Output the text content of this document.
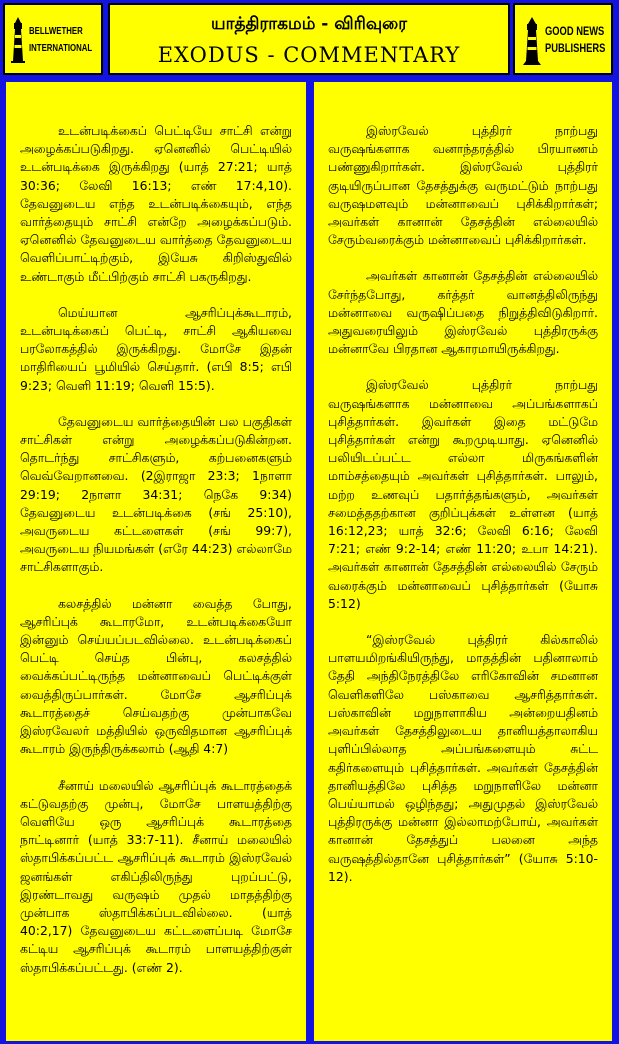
BELLWETHER
INTERNATIONAL
யாத்திராகமம் - விரிவுரை
EXODUS - COMMENTARY
GOOD NEWS
PUBLISHERS

உடன்படிக்கைப் பெட்டியே சாட்சி என்று அழைக்கப்படுகிறது. ஏனெனில் பெட்டியில் உடன்படிக்கை இருக்கிறது (யாத் 27:21; யாத் 30:36; லேவி 16:13; எண் 17:4,10). தேவனுடைய எந்த உடன்படிக்கையும், எந்த வார்த்தையும் சாட்சி என்றே அழைக்கப்படும். ஏனெனில் தேவனுடைய வார்த்தை தேவனுடைய வெளிப்பாட்டிற்கும், இயேசு கிறிஸ்துவில் உண்டாகும் மீட்பிற்கும் சாட்சி பகருகிறது.

மெய்யான ஆசரிப்புக்கூடாரம், உடன்படிக்கைப் பெட்டி, சாட்சி ஆகியவை பரலோகத்தில் இருக்கிறது. மோசே இதன் மாதிரியைப் பூமியில் செய்தார். (எபி 8:5; எபி 9:23; வெளி 11:19; வெளி 15:5).

தேவனுடைய வார்த்தையின் பல பகுதிகள் சாட்சிகள் என்று அழைக்கப்படுகின்றன. தொடர்ந்து சாட்சிகளும், கற்பனைகளும் வெவ்வேறானவை. (2இராஜா 23:3; 1நாளா 29:19; 2நாளா 34:31; நெகே 9:34) தேவனுடைய உடன்படிக்கை (சங் 25:10), அவருடைய கட்டளைகள் (சங் 99:7), அவருடைய நியமங்கள் (எரே 44:23) எல்லாமே சாட்சிகளாகும்.

கலசத்தில் மன்னா வைத்த போது, ஆசரிப்புக் கூடாரமோ, உடன்படிக்கையோ இன்னும் செய்யப்படவில்லை. உடன்படிக்கைப் பெட்டி செய்த பின்பு, கலசத்தில் வைக்கப்பட்டிருந்த மன்னாவைப் பெட்டிக்குள் வைத்திருப்பார்கள். மோசே ஆசரிப்புக் கூடாரத்தைச் செய்வதற்கு முன்பாகவே இஸ்ரவேலர் மத்தியில் ஒருவிதமான ஆசரிப்புக் கூடாரம் இருந்திருக்கலாம் (ஆதி 4:7)

சீனாய் மலையில் ஆசரிப்புக் கூடாரத்தைக் கட்டுவதற்கு முன்பு, மோசே பாளயத்திற்கு வெளியே ஒரு ஆசரிப்புக் கூடாரத்தை நாட்டினார் (யாத் 33:7-11). சீனாய் மலையில் ஸ்தாபிக்கப்பட்ட ஆசரிப்புக் கூடாரம் இஸ்ரவேல் ஜனங்கள் எகிப்திலிருந்து புறப்பட்டு, இரண்டாவது வருஷம் முதல் மாதத்திற்கு முன்பாக ஸ்தாபிக்கப்படவில்லை. (யாத் 40:2,17) தேவனுடைய கட்டளைப்படி மோசே கட்டிய ஆசரிப்புக் கூடாரம் பாளயத்திற்குள் ஸ்தாபிக்கப்பட்டது. (எண் 2).

இஸ்ரவேல் புத்திரர் நாற்பது வருஷங்களாக வனாந்தரத்தில் பிரயாணம் பண்ணுகிறார்கள். இஸ்ரவேல் புத்திரர் குடியிருப்பான தேசத்துக்கு வருமட்டும் நாற்பது வருஷமளவும் மன்னாவைப் புசிக்கிறார்கள்; அவர்கள் கானான் தேசத்தின் எல்லையில் சேரும்வரைக்கும் மன்னாவைப் புசிக்கிறார்கள்.

அவர்கள் கானான் தேசத்தின் எல்லையில் சேர்ந்தபோது, கர்த்தர் வானத்திலிருந்து மன்னாவை வருஷிப்பதை நிறுத்திவிடுகிறார். அதுவரையிலும் இஸ்ரவேல் புத்திரருக்கு மன்னாவே பிரதான ஆகாரமாயிருக்கிறது.

இஸ்ரவேல் புத்திரர் நாற்பது வருஷங்களாக மன்னாவை அப்பங்களாகப் புசித்தார்கள். இவர்கள் இதை மட்டுமே புசித்தார்கள் என்று கூறமுடியாது. ஏனெனில் பலியிடப்பட்ட எல்லா மிருகங்களின் மாம்சத்தையும் அவர்கள் புசித்தார்கள். பாலும், மற்ற உணவுப் பதார்த்தங்களும், அவர்கள் சமைத்ததற்கான குறிப்புக்கள் உள்ளன (யாத் 16:12,23; யாத் 32:6; லேவி 6:16; லேவி 7:21; எண் 9:2-14; எண் 11:20; உபா 14:21). அவர்கள் கானான் தேசத்தின் எல்லையில் சேரும் வரைக்கும் மன்னாவைப் புசித்தார்கள் (யோசு 5:12)

“இஸ்ரவேல் புத்திரர் கில்காலில் பாளயமிறங்கியிருந்து, மாதத்தின் பதினாலாம் தேதி அந்திநேரத்திலே எரிகோவின் சமனான வெளிகளிலே பஸ்காவை ஆசரித்தார்கள். பஸ்காவின் மறுநாளாகிய அன்றையதினம் அவர்கள் தேசத்திலுடைய தானியத்தாலாகிய புளிப்பில்லாத அப்பங்களையும் சுட்ட கதிர்களையும் புசித்தார்கள். அவர்கள் தேசத்தின் தானியத்திலே புசித்த மறுநாளிலே மன்னா பெய்யாமல் ஒழிந்தது; அதுமுதல் இஸ்ரவேல் புத்திரருக்கு மன்னா இல்லாமற்போய், அவர்கள் கானான் தேசத்துப் பலனை அந்த வருஷத்தில்தானே புசித்தார்கள்” (யோசு 5:10-12).
